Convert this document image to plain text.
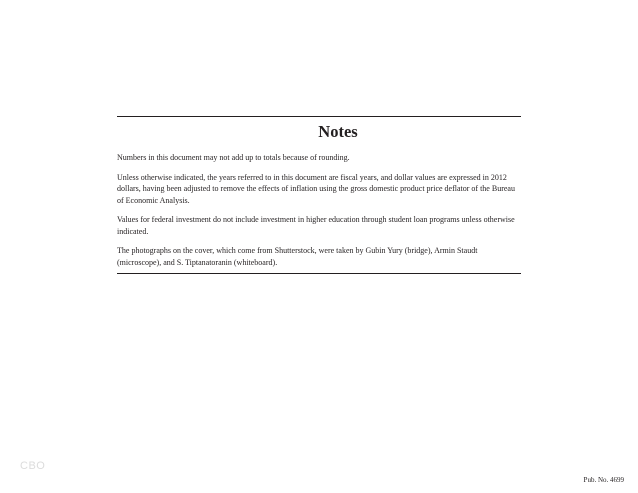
Notes

Numbers in this document may not add up to totals because of rounding.

Unless otherwise indicated, the years referred to in this document are fiscal years, and dollar values are expressed in 2012 dollars, having been adjusted to remove the effects of inflation using the gross domestic product price deflator of the Bureau of Economic Analysis.

Values for federal investment do not include investment in higher education through student loan programs unless otherwise indicated.

The photographs on the cover, which come from Shutterstock, were taken by Gubin Yury (bridge), Armin Staudt (microscope), and S. Tiptanatoranin (whiteboard).

CBO
Pub. No. 4699
